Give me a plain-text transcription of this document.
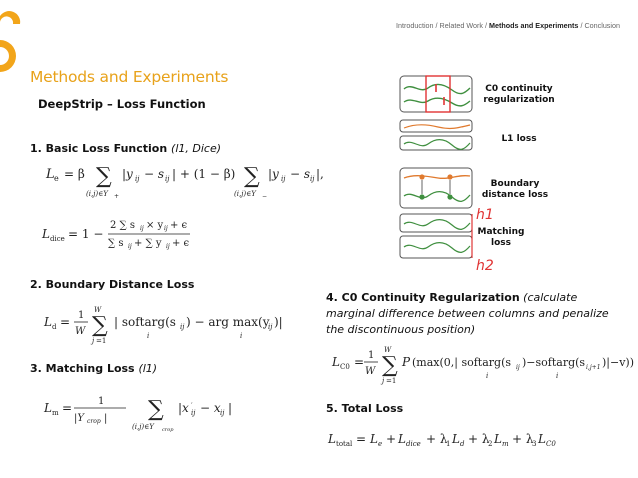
Introduction / Related Work / Methods and Experiments / Conclusion
Methods and Experiments
DeepStrip – Loss Function
1. Basic Loss Function (l1, Dice)
L e = β ∑
(i,j)∈Y +
|y ij − s ij | + (1 − β) ∑
(i,j)∈Y −
|y ij − s ij |,
L dice = 1 −
2 ∑ s ij × y ij + ϵ
∑ s ij + ∑ y ij + ϵ
2. Boundary Distance Loss
L d = 1
W
W
∑
j =1
| softarg(s ij ) − arg max(y
ij )|
i	i
3. Matching Loss (l1)
L m =	1
|Y crop | ∑
(i,j)∈Y crop
|x ′
ij − x ij |
h1
h2
C0 continuity regularization
L1 loss
Boundary distance loss
Matching loss
4. C0 Continuity Regularization (calculate marginal difference between columns and penalize the discontinuous position)
L C0 = 1
W
W
∑
j =1
P (max(0,| softarg(s ij )−softarg(s i,j+1 )|−v))
i	i
5. Total Loss
L total = L e + L dice + λ
1 L d + λ
2 L m + λ
3 L C0
